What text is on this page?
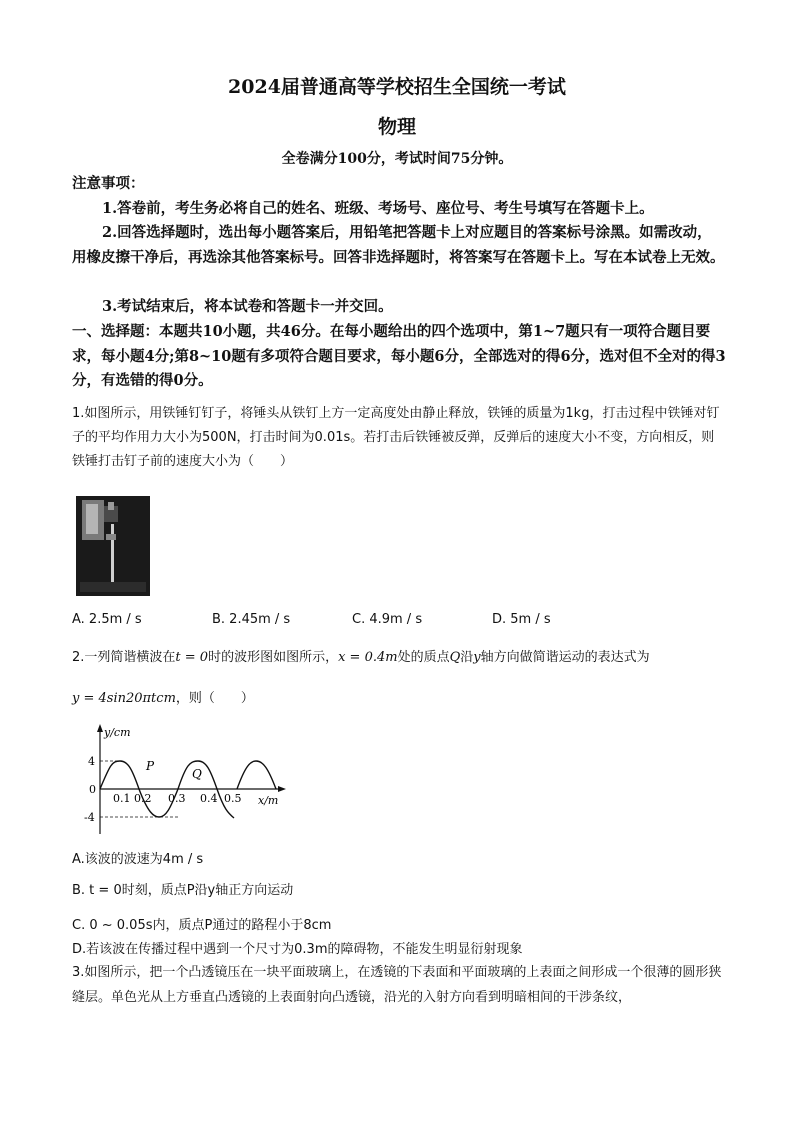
2024届普通高等学校招生全国统一考试
物理
全卷满分100分，考试时间75分钟。
注意事项：
1.答卷前，考生务必将自己的姓名、班级、考场号、座位号、考生号填写在答题卡上。
2.回答选择题时，选出每小题答案后，用铅笔把答题卡上对应题目的答案标号涂黑。如需改动，用橡皮擦干净后，再选涂其他答案标号。回答非选择题时，将答案写在答题卡上。写在本试卷上无效。
3.考试结束后，将本试卷和答题卡一并交回。
一、选择题：本题共10小题，共46分。在每小题给出的四个选项中，第1~7题只有一项符合题目要求，每小题4分;第8~10题有多项符合题目要求，每小题6分，全部选对的得6分，选对但不全对的得3分，有选错的得0分。
1.如图所示，用铁锤钉钉子，将锤头从铁钉上方一定高度处由静止释放，铁锤的质量为1kg，打击过程中铁锤对钉子的平均作用力大小为500N，打击时间为0.01s。若打击后铁锤被反弹，反弹后的速度大小不变，方向相反，则铁锤打击钉子前的速度大小为（　　）
A. 2.5m / s	B. 2.45m / s	C. 4.9m / s	D. 5m / s
2.一列简谐横波在t = 0时的波形图如图所示，x = 0.4m处的质点Q沿y轴方向做简谐运动的表达式为
y = 4sin20πtcm，则（　　）
y/cm
x/m
4
-4
0
0.1 0.2 0.3 0.4 0.5
P
Q
A.该波的波速为4m / s
B. t = 0时刻，质点P沿y轴正方向运动
C. 0 ~ 0.05s内，质点P通过的路程小于8cm
D.若该波在传播过程中遇到一个尺寸为0.3m的障碍物，不能发生明显衍射现象
3.如图所示，把一个凸透镜压在一块平面玻璃上，在透镜的下表面和平面玻璃的上表面之间形成一个很薄的圆形狭缝层。单色光从上方垂直凸透镜的上表面射向凸透镜，沿光的入射方向看到明暗相间的干涉条纹，
